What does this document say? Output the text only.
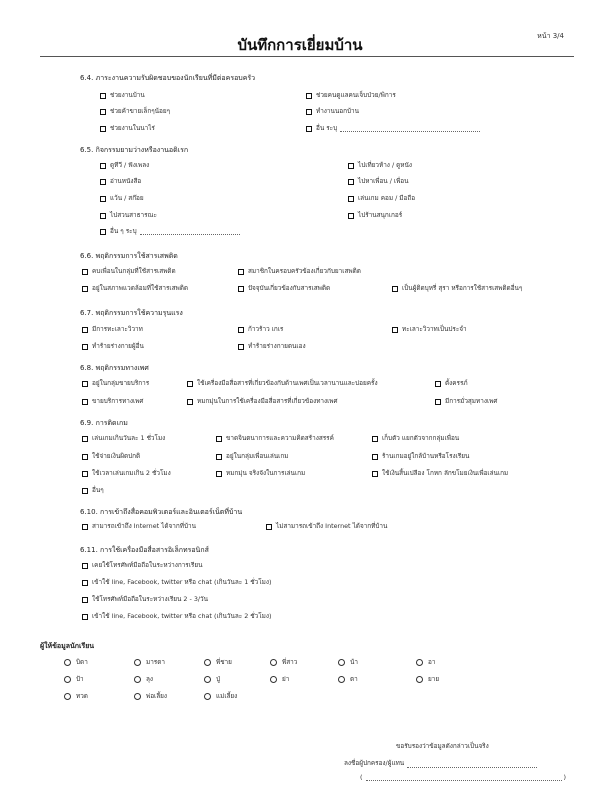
บันทึกการเยี่ยมบ้าน	หน้า 3/4
6.4. ภาระงานความรับผิดชอบของนักเรียนที่มีต่อครอบครัว
ช่วยงานบ้าน	ช่วยคนดูแลคนเจ็บป่วย/พิการ
ช่วยค้าขายเล็กๆน้อยๆ	ทำงานนอกบ้าน
ช่วยงานในนาไร่	อื่น ระบุ
6.5. กิจกรรมยามว่างหรืองานอดิเรก
ดูทีวี / ฟังเพลง	ไปเที่ยวห้าง / ดูหนัง
อ่านหนังสือ	ไปหาเพื่อน / เพื่อน
แว้น / สก๊อย	เล่นเกม คอม / มือถือ
ไปสวนสาธารณะ	ไปร้านสนุกเกอร์
อื่น ๆ ระบุ
6.6. พฤติกรรมการใช้สารเสพติด
คบเพื่อนในกลุ่มที่ใช้สารเสพติด	สมาชิกในครอบครัวข้องเกี่ยวกับยาเสพติด
อยู่ในสภาพแวดล้อมที่ใช้สารเสพติด	ปัจจุบันเกี่ยวข้องกับสารเสพติด	เป็นผู้ติดบุหรี่ สุรา หรือการใช้สารเสพติดอื่นๆ
6.7. พฤติกรรมการใช้ความรุนแรง
มีการทะเลาะวิวาท	ก้าวร้าว เกเร	ทะเลาะวิวาทเป็นประจำ
ทำร้ายร่างกายผู้อื่น	ทำร้ายร่างกายตนเอง
6.8. พฤติกรรมทางเพศ
อยู่ในกลุ่มขายบริการ	ใช้เครื่องมือสื่อสารที่เกี่ยวข้องกับด้านเพศเป็นเวลานานและบ่อยครั้ง	ตั้งครรภ์
ขายบริการทางเพศ	หมกมุ่นในการใช้เครื่องมือสื่อสารที่เกี่ยวข้องทางเพศ	มีการมั่วสุมทางเพศ
6.9. การติดเกม
เล่นเกมเกินวันละ 1 ชั่วโมง	ขาดจินตนาการและความคิดสร้างสรรค์	เก็บตัว แยกตัวจากกลุ่มเพื่อน
ใช้จ่ายเงินผิดปกติ	อยู่ในกลุ่มเพื่อนเล่นเกม	ร้านเกมอยู่ใกล้บ้านหรือโรงเรียน
ใช้เวลาเล่นเกมเกิน 2 ชั่วโมง	หมกมุ่น จริงจังในการเล่นเกม	ใช้เงินสิ้นเปลือง โกหก ลักขโมยเงินเพื่อเล่นเกม
อื่นๆ
6.10. การเข้าถึงสื่อคอมพิวเตอร์และอินเตอร์เน็ตที่บ้าน
สามารถเข้าถึง Internet ได้จากที่บ้าน	ไม่สามารถเข้าถึง Internet ได้จากที่บ้าน
6.11. การใช้เครื่องมือสื่อสารอิเล็กทรอนิกส์
เคยใช้โทรศัพท์มือถือในระหว่างการเรียน
เข้าใช้ line, Facebook, twitter หรือ chat (เกินวันละ 1 ชั่วโมง)
ใช้โทรศัพท์มือถือในระหว่างเรียน 2 - 3/วัน
เข้าใช้ line, Facebook, twitter หรือ chat (เกินวันละ 2 ชั่วโมง)
ผู้ให้ข้อมูลนักเรียน
บิดา	มารดา	พี่ชาย	พี่สาว	น้า	อา
ป้า	ลุง	ปู่	ย่า	ตา	ยาย
ทวด	พ่อเลี้ยง	แม่เลี้ยง
ขอรับรองว่าข้อมูลดังกล่าวเป็นจริง
ลงชื่อผู้ปกครอง/ผู้แทน
(	)
